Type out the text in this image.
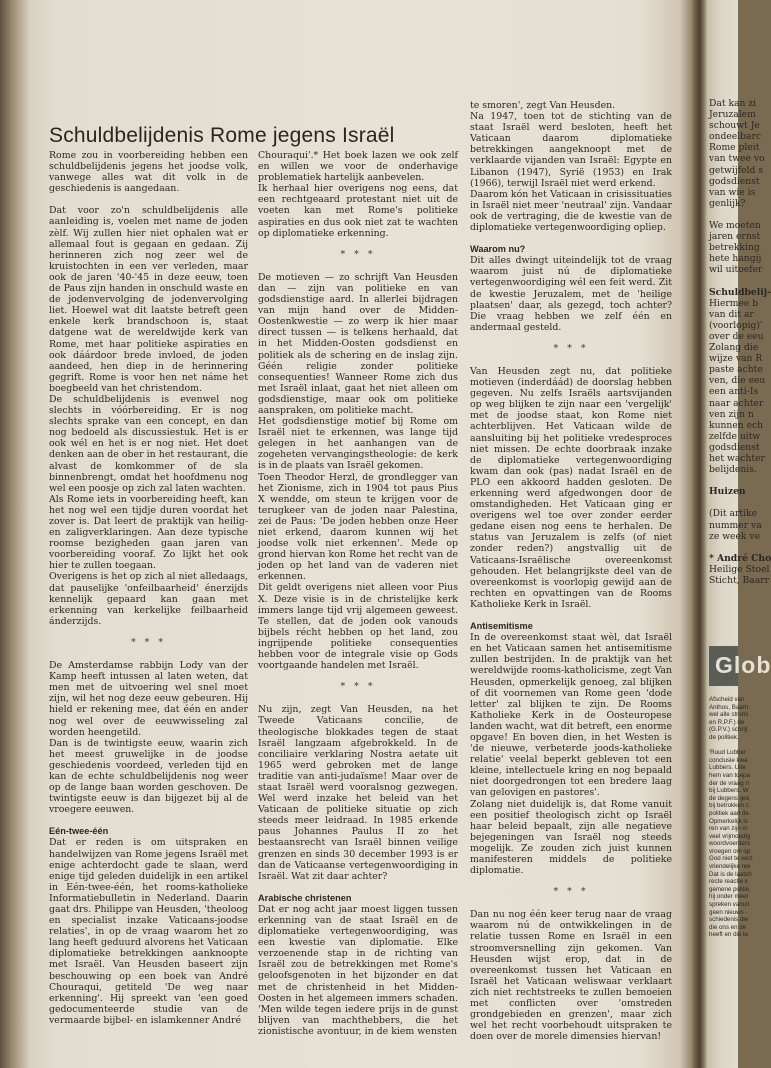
Schuldbelijdenis Rome jegens Israël

Rome zou in voorbereiding hebben een schuldbelijdenis jegens het joodse volk, vanwege alles wat dit volk in de geschiedenis is aangedaan.

Dat voor zo'n schuldbelijdenis alle aanleiding is, voelen met name de joden zèlf. Wij zullen hier niet ophalen wat er allemaal fout is gegaan en gedaan. Zij herinneren zich nog zeer wel de kruistochten in een ver verleden, maar ook de jaren '40-'45 in deze eeuw, toen de Paus zijn handen in onschuld waste en de jodenvervolging de jodenvervolging liet. Hoewel wat dit laatste betreft geen enkele kerk brandschoon is, staat datgene wat de wereldwijde kerk van Rome, met haar politieke aspiraties en ook dáárdoor brede invloed, de joden aandeed, hen diep in de herinnering gegrift. Rome is voor hen net náme het boegbeeld van het christendom.

De schuldbelijdenis is evenwel nog slechts in vóórbereiding. Er is nog slechts sprake van een concept, en dan nog bedoeld als discussiestuk. Het is er ook wél en het is er nog niet. Het doet denken aan de ober in het restaurant, die alvast de komkommer of de sla binnenbrengt, omdat het hoofdmenu nog wel een poosje op zich zal laten wachten.

Als Rome iets in voorbereiding heeft, kan het nog wel een tijdje duren voordat het zover is. Dat leert de praktijk van heilig- en zaligverklaringen. Aan deze typische roomse bezigheden gaan jaren van voorbereiding vooraf. Zo lijkt het ook hier te zullen toegaan.

Overigens is het op zich al niet alledaags, dat pauselijke 'onfeilbaarheid' énerzijds kennelijk gepaard kan gaan met erkenning van kerkelijke feilbaarheid ánderzijds.

* * *

De Amsterdamse rabbijn Lody van der Kamp heeft intussen al laten weten, dat men met de uitvoering wel snel moet zijn, wil het nog deze eeuw gebeuren. Hij hield er rekening mee, dat één en ander nog wel over de eeuwwisseling zal worden heengetild.

Dan is de twintigste eeuw, waarin zich het meest gruwelijke in de joodse geschiedenis voordeed, verleden tijd en kan de echte schuldbelijdenis nog weer op de lange baan worden geschoven. De twintigste eeuw is dan bijgezet bij al de vroegere eeuwen.

Eén-twee-één

Dat er reden is om uitspraken en handelwijzen van Rome jegens Israël met enige achterdocht gade te slaan, werd enige tijd geleden duidelijk in een artikel in Eén-twee-één, het rooms-katholieke Informatiebulletin in Nederland. Daarin gaat drs. Philippe van Heusden, 'theoloog en specialist inzake Vaticaans-joodse relaties', in op de vraag waarom het zo lang heeft geduurd alvorens het Vaticaan diplomatieke betrekkingen aanknoopte met Israël. Van Heusden baseert zijn beschouwing op een boek van André Chouraqui, getiteld 'De weg naar erkenning'. Hij spreekt van 'een goed gedocumenteerde studie van de vermaarde bijbel- en islamkenner André

Chouraqui'.* Het boek lazen we ook zelf en willen we voor de onderhavige problematiek hartelijk aanbevelen.

Ik herhaal hier overigens nog eens, dat een rechtgeaard protestant niet uit de voeten kan met Rome's politieke aspiraties en dus ook niet zat te wachten op diplomatieke erkenning.

* * *

De motieven — zo schrijft Van Heusden dan — zijn van politieke en van godsdienstige aard. In allerlei bijdragen van mijn hand over de Midden-Oostenkwestie — zo werp ik hier maar direct tussen — is telkens herhaald, dat in het Midden-Oosten godsdienst en politiek als de schering en de inslag zijn. Géén religie zonder politieke consequenties! Wanneer Rome zich dus met Israël inlaat, gaat het niet alleen om godsdienstige, maar ook om politieke aanspraken, om politieke macht.

Het godsdienstige motief bij Rome om Israël niet te erkennen, was lange tijd gelegen in het aanhangen van de zogeheten vervangingstheologie: de kerk is in de plaats van Israël gekomen.

Toen Theodor Herzl, de grondlegger van het Zionisme, zich in 1904 tot paus Pius X wendde, om steun te krijgen voor de terugkeer van de joden naar Palestina, zei de Paus: 'De joden hebben onze Heer niet erkend, daarom kunnen wij het joodse volk niet erkennen'. Mede op grond hiervan kon Rome het recht van de joden op het land van de vaderen niet erkennen.

Dit geldt overigens niet alleen voor Pius X. Deze visie is in de christelijke kerk immers lange tijd vrij algemeen geweest. Te stellen, dat de joden ook vanouds bijbels récht hebben op het land, zou ingrijpende politieke consequenties hebben voor de integrale visie op Gods voortgaande handelen met Israël.

* * *

Nu zijn, zegt Van Heusden, na het Tweede Vaticaans concilie, de theologische blokkades tegen de staat Israël langzaam afgebrokkeld. In de conciliaire verklaring Nostra aetate uit 1965 werd gebroken met de lange traditie van anti-judaïsme! Maar over de staat Israël werd vooralsnog gezwegen. Wel werd inzake het beleid van het Vaticaan de politieke situatie op zich steeds meer leidraad. In 1985 erkende paus Johannes Paulus II zo het bestaansrecht van Israël binnen veilige grenzen en sinds 30 december 1993 is er dan de Vaticaanse vertegenwoordiging in Israël. Wat zit daar achter?

Arabische christenen

Dat er nog acht jaar moest liggen tussen erkenning van de staat Israël en de diplomatieke vertegenwoordiging, was een kwestie van diplomatie. Elke verzoenende stap in de richting van Israël zou de betrekkingen met Rome's geloofsgenoten in het bijzonder en dat met de christenheid in het Midden-Oosten in het algemeen immers schaden. 'Men wilde tegen iedere prijs in de gunst blijven van machthebbers, die het zionistische avontuur, in de kiem wensten

te smoren', zegt Van Heusden.

Na 1947, toen tot de stichting van de staat Israël werd besloten, heeft het Vaticaan daarom diplomatieke betrekkingen aangeknoopt met de verklaarde vijanden van Israël: Egypte en Libanon (1947), Syrië (1953) en Irak (1966), terwijl Israël niet werd erkend.

Daarom kón het Vaticaan in crisissituaties in Israël niet meer 'neutraal' zijn. Vandaar ook de vertraging, die de kwestie van de diplomatieke vertegenwoordiging opliep.

Waarom nu?

Dit alles dwingt uiteindelijk tot de vraag waarom juist nú de diplomatieke vertegenwoordiging wél een feit werd. Zit de kwestie Jeruzalem, met de 'heilige plaatsen' daar, als gezegd, toch achter? Die vraag hebben we zelf één en andermaal gesteld.

* * *

Van Heusden zegt nu, dat politieke motieven (inderdáád) de doorslag hebben gegeven. Nu zelfs Israëls aartsvijanden op weg blijken te zijn naar een 'vergelijk' met de joodse staat, kon Rome niet achterblijven. Het Vaticaan wilde de aansluiting bij het politieke vredesproces niet missen. De echte doorbraak inzake de diplomatieke vertegenwoordiging kwam dan ook (pas) nadat Israël en de PLO een akkoord hadden gesloten. De erkenning werd afgedwongen door de omstandigheden. Het Vaticaan ging er overigens wel toe over zonder eerder gedane eisen nog eens te herhalen. De status van Jeruzalem is zelfs (of niet zonder reden?) angstvallig uit de Vaticaans-Israëlische overeenkomst gehouden. Het belangrijkste deel van de overeenkomst is voorlopig gewijd aan de rechten en opvattingen van de Rooms Katholieke Kerk in Israël.

Antisemitisme

In de overeenkomst staat wèl, dat Israël en het Vaticaan samen het antisemitisme zullen bestrijden. In de praktijk van het wereldwijde rooms-katholicisme, zegt Van Heusden, opmerkelijk genoeg, zal blijken of dit voornemen van Rome geen 'dode letter' zal blijken te zijn. De Rooms Katholieke Kerk in de Oosteuropese landen wacht, wat dit betreft, een enorme opgave! En boven dien, in het Westen is 'de nieuwe, verbeterde joods-katholieke relatie' veelal beperkt gebleven tot een kleine, intellectuele kring en nog bepaald niet doorgedrongen tot een bredere laag van gelovigen en pastores'.

Zolang niet duidelijk is, dat Rome vanuit een positief theologisch zicht op Israël haar beleid bepaalt, zijn alle negatieve bejegeningen van Israël nog steeds mogelijk. Ze zouden zich juist kunnen manifesteren middels de politieke diplomatie.

* * *

Dan nu nog één keer terug naar de vraag waarom nú de ontwikkelingen in de relatie tussen Rome en Israël in een stroomversnelling zijn gekomen. Van Heusden wijst erop, dat in de overeenkomst tussen het Vaticaan en Israël het Vaticaan weliswaar verklaart zich niet rechtstreeks te zullen bemoeien met conflicten over 'omstreden grondgebieden en grenzen', maar zich wel het recht voorbehoudt uitspraken te doen over de morele dimensies hiervan!

Dat kan zi

Jeruzalem

schouwt Je

ondeelbarc

Rome pleit

van twee vo

getwijfeld s

godsdienst

van wie is

genlijk?

We moeten

jaren ernst

betrekking

hete hangij

wil uitoefer

Schuldbelij-

Hiermee b

van dit ar

(voorlopig)'

over de eeu

Zolang die

wijze van R

paste achte

ven, die eeu

een anti-Is

naar achter

ven zijn n

kunnen ech

zelfde uitw

godsdienst

het wachter

belijdenis.

Huizen

(Dit artike

nummer va

ze week ve

* André Cho

Heilige Stoel

Sticht, Baarr

Glob

Afscheid van

Anthos, Baarn

wel alle stromi

en R.P.F.) de

(G.P.V.) schrijt

de politiek.

'Ruud Lubber

conclusie kwa

Lubbers. Uite

hem van toepa

der de vraag n

bij Lubbers. W

de degens gek

bij betrokken c

politiek aan de

Opmerkelijk is

ren van zijn m

veel vrijmoedig

woordvoerders

vroegen om op

God niet te verz

vriendelijke ree

Dat is de laatsh

recte reactie k

gemene politie

hij onder meer

spreken vanuit

geen nieuws -

schiedenis die

die ons en de

heeft en die te
